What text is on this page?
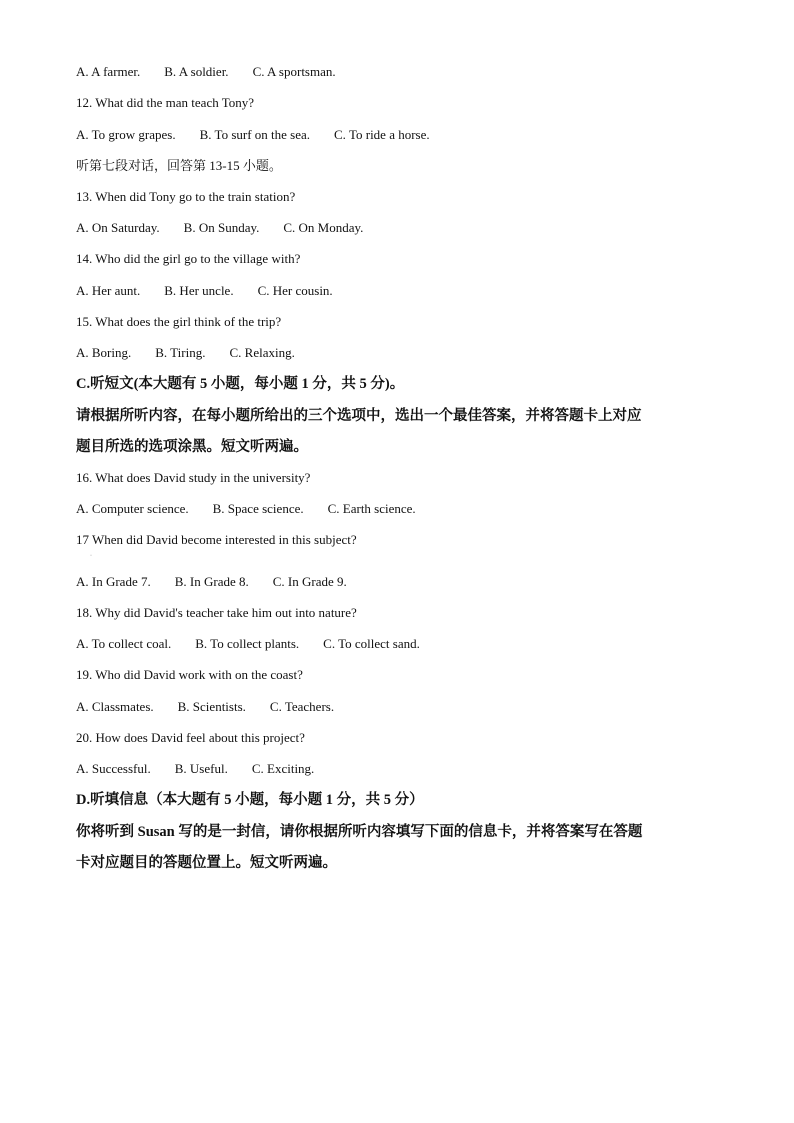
·
A. A farmer. B. A soldier. C. A sportsman.
12. What did the man teach Tony?
A. To grow grapes. B. To surf on the sea. C. To ride a horse.
听第七段对话，回答第 13-15 小题。
13. When did Tony go to the train station?
A. On Saturday. B. On Sunday. C. On Monday.
14. Who did the girl go to the village with?
A. Her aunt. B. Her uncle. C. Her cousin.
15. What does the girl think of the trip?
A. Boring. B. Tiring. C. Relaxing.
C.听短文(本大题有 5 小题，每小题 1 分，共 5 分)。
请根据所听内容，在每小题所给出的三个选项中，选出一个最佳答案，并将答题卡上对应
题目所选的选项涂黑。短文听两遍。
16. What does David study in the university?
A. Computer science. B. Space science. C. Earth science.
17 When did David become interested in this subject?
A. In Grade 7. B. In Grade 8. C. In Grade 9.
18. Why did David's teacher take him out into nature?
A. To collect coal. B. To collect plants. C. To collect sand.
19. Who did David work with on the coast?
A. Classmates. B. Scientists. C. Teachers.
20. How does David feel about this project?
A. Successful. B. Useful. C. Exciting.
D.听填信息（本大题有 5 小题，每小题 1 分，共 5 分）
你将听到 Susan 写的是一封信，请你根据所听内容填写下面的信息卡，并将答案写在答题
卡对应题目的答题位置上。短文听两遍。
